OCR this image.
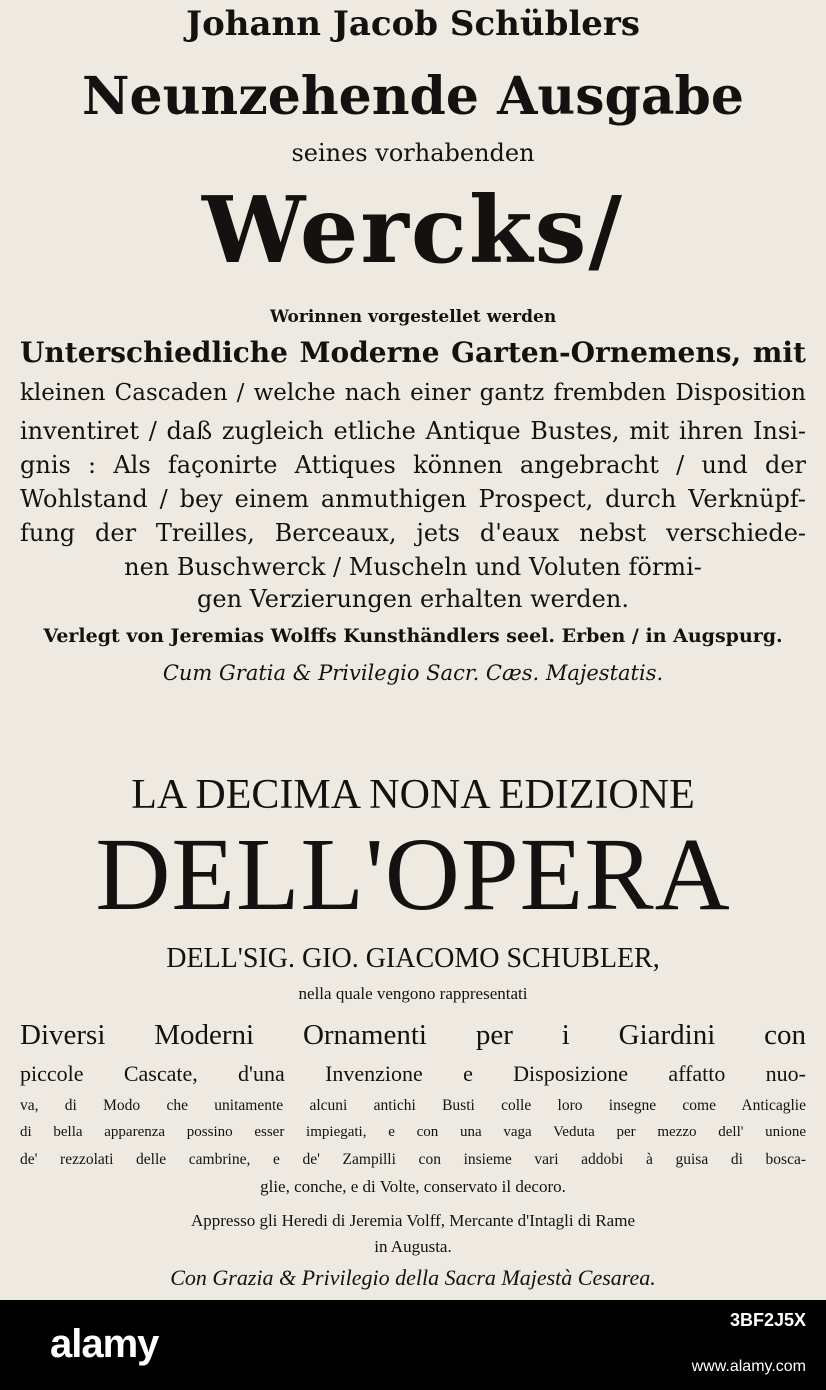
Johann Jacob Schüblers

Neunzehende Ausgabe

seines vorhabenden

Wercks/

Worinnen vorgestellet werden

Unterschiedliche Moderne Garten-Ornemens, mit

kleinen Cascaden / welche nach einer gantz frembden Disposition

inventiret / daß zugleich etliche Antique Bustes, mit ihren Insi-

gnis : Als façonirte Attiques können angebracht / und der

Wohlstand / bey einem anmuthigen Prospect, durch Verknüpf-

fung der Treilles, Berceaux, jets d'eaux nebst verschiede-

nen Buschwerck / Muscheln und Voluten förmi-

gen Verzierungen erhalten werden.

Verlegt von Jeremias Wolffs Kunsthändlers seel. Erben / in Augspurg.

Cum Gratia & Privilegio Sacr. Cæs. Majestatis.

LA DECIMA NONA EDIZIONE

DELL'OPERA

DELL'SIG. GIO. GIACOMO SCHUBLER,

nella quale vengono rappresentati

Diversi Moderni Ornamenti per i Giardini con

piccole Cascate, d'una Invenzione e Disposizione affatto nuo-

va, di Modo che unitamente alcuni antichi Busti colle loro insegne come Anticaglie

di bella apparenza possino esser impiegati, e con una vaga Veduta per mezzo dell' unione

de' rezzolati delle cambrine, e de' Zampilli con insieme vari addobi à guisa di bosca-

glie, conche, e di Volte, conservato il decoro.

Appresso gli Heredi di Jeremia Volff, Mercante d'Intagli di Rame

in Augusta.

Con Grazia & Privilegio della Sacra Majestà Cesarea.

alamy
3BF2J5X
www.alamy.com
